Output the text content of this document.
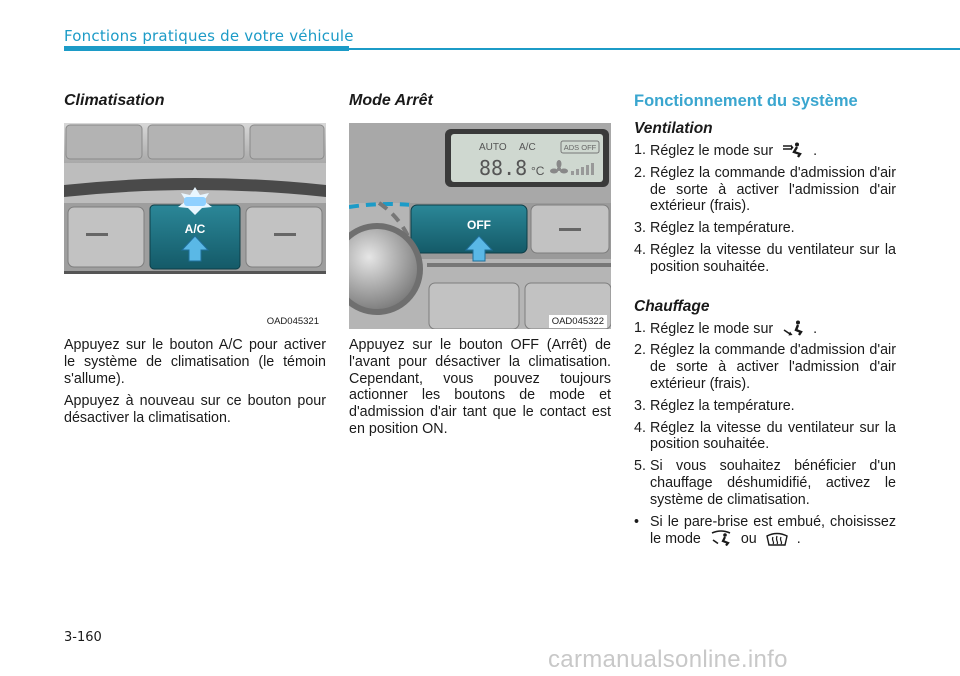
Fonctions pratiques de votre véhicule
Climatisation
A/C
OAD045321

Appuyez sur le bouton A/C pour activer le système de climatisation (le témoin s'allume).

Appuyez à nouveau sur ce bouton pour désactiver la climatisation.

Mode Arrêt
AUTO A/C	ADS OFF
88.8 °C
OFF
OAD045322

Appuyez sur le bouton OFF (Arrêt) de l'avant pour désactiver la climatisation. Cependant, vous pouvez toujours actionner les boutons de mode et d'admission d'air tant que le contact est en position ON.

Fonctionnement du système
Ventilation
1. Réglez le mode sur	.
2. Réglez la commande d'admission d'air de sorte à activer l'admission d'air extérieur (frais).
3. Réglez la température.
4. Réglez la vitesse du ventilateur sur la position souhaitée.
Chauffage
1. Réglez le mode sur	.
2. Réglez la commande d'admission d'air de sorte à activer l'admission d'air extérieur (frais).
3. Réglez la température.
4. Réglez la vitesse du ventilateur sur la position souhaitée.
5. Si vous souhaitez bénéficier d'un chauffage déshumidifié, activez le système de climatisation.
• Si le pare-brise est embué, choisissez le mode	ou	.
3-160
carmanualsonline.info
